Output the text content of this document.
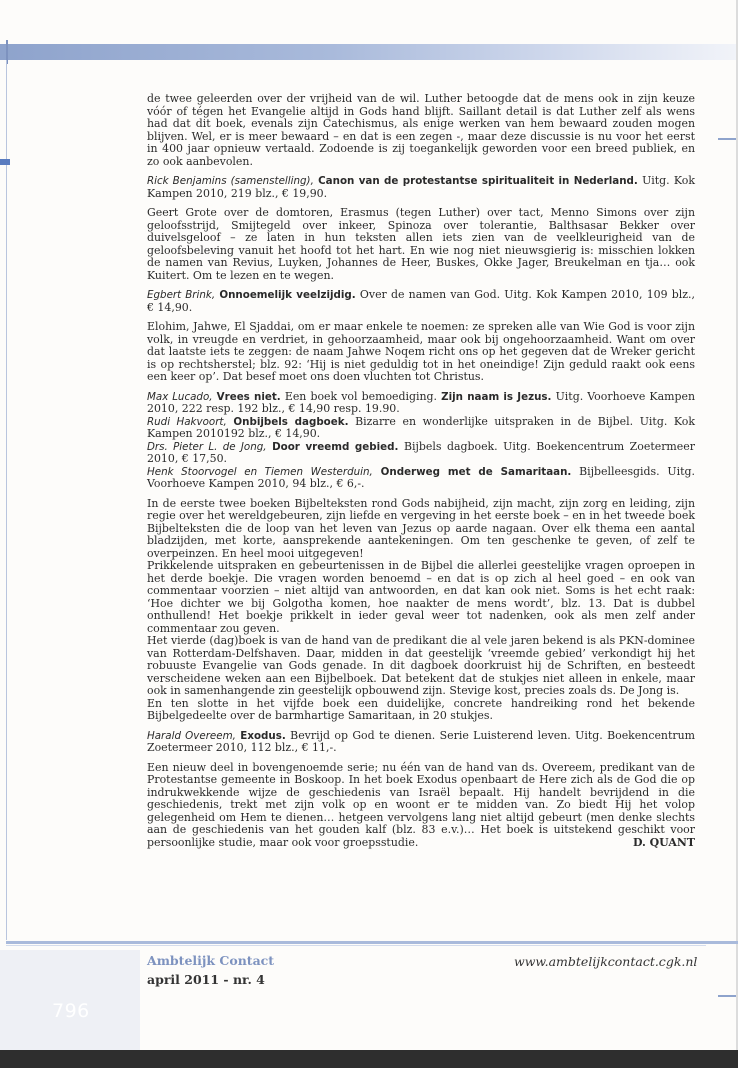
de twee geleerden over der vrijheid van de wil. Luther betoogde dat de mens ook in zijn keuze vóór of tégen het Evangelie altijd in Gods hand blijft. Saillant detail is dat Luther zelf als wens had dat dit boek, evenals zijn Catechismus, als enige werken van hem bewaard zouden mogen blijven. Wel, er is meer bewaard – en dat is een zegen -, maar deze discussie is nu voor het eerst in 400 jaar opnieuw vertaald. Zodoende is zij toegankelijk geworden voor een breed publiek, en zo ook aanbevolen.

Rick Benjamins (samenstelling), Canon van de protestantse spiritualiteit in Nederland. Uitg. Kok Kampen 2010, 219 blz., € 19,90.

Geert Grote over de domtoren, Erasmus (tegen Luther) over tact, Menno Simons over zijn geloofsstrijd, Smijtegeld over inkeer, Spinoza over tolerantie, Balthsasar Bekker over duivelsgeloof – ze laten in hun teksten allen iets zien van de veelkleurigheid van de geloofsbeleving vanuit het hoofd tot het hart. En wie nog niet nieuwsgierig is: misschien lokken de namen van Revius, Luyken, Johannes de Heer, Buskes, Okke Jager, Breukelman en tja… ook Kuitert. Om te lezen en te wegen.

Egbert Brink, Onnoemelijk veelzijdig. Over de namen van God. Uitg. Kok Kampen 2010, 109 blz., € 14,90.

Elohim, Jahwe, El Sjaddai, om er maar enkele te noemen: ze spreken alle van Wie God is voor zijn volk, in vreugde en verdriet, in gehoorzaamheid, maar ook bij ongehoorzaamheid. Want om over dat laatste iets te zeggen: de naam Jahwe Noqem richt ons op het gegeven dat de Wreker gericht is op rechtsherstel; blz. 92: ‘Hij is niet geduldig tot in het oneindige! Zijn geduld raakt ook eens een keer op’. Dat besef moet ons doen vluchten tot Christus.

Max Lucado, Vrees niet. Een boek vol bemoediging. Zijn naam is Jezus. Uitg. Voorhoeve Kampen 2010, 222 resp. 192 blz., € 14,90 resp. 19.90.

Rudi Hakvoort, Onbijbels dagboek. Bizarre en wonderlijke uitspraken in de Bijbel. Uitg. Kok Kampen 2010192 blz., € 14,90.

Drs. Pieter L. de Jong, Door vreemd gebied. Bijbels dagboek. Uitg. Boekencentrum Zoetermeer 2010, € 17,50.

Henk Stoorvogel en Tiemen Westerduin, Onderweg met de Samaritaan. Bijbelleesgids. Uitg. Voorhoeve Kampen 2010, 94 blz., € 6,-.

In de eerste twee boeken Bijbelteksten rond Gods nabijheid, zijn macht, zijn zorg en leiding, zijn regie over het wereldgebeuren, zijn liefde en vergeving in het eerste boek – en in het tweede boek Bijbelteksten die de loop van het leven van Jezus op aarde nagaan. Over elk thema een aantal bladzijden, met korte, aansprekende aantekeningen. Om ten geschenke te geven, of zelf te overpeinzen. En heel mooi uitgegeven!

Prikkelende uitspraken en gebeurtenissen in de Bijbel die allerlei geestelijke vragen oproepen in het derde boekje. Die vragen worden benoemd – en dat is op zich al heel goed – en ook van commentaar voorzien – niet altijd van antwoorden, en dat kan ook niet. Soms is het echt raak: ‘Hoe dichter we bij Golgotha komen, hoe naakter de mens wordt’, blz. 13. Dat is dubbel onthullend! Het boekje prikkelt in ieder geval weer tot nadenken, ook als men zelf ander commentaar zou geven.

Het vierde (dag)boek is van de hand van de predikant die al vele jaren bekend is als PKN-dominee van Rotterdam-Delfshaven. Daar, midden in dat geestelijk ‘vreemde gebied’ verkondigt hij het robuuste Evangelie van Gods genade. In dit dagboek doorkruist hij de Schriften, en besteedt verscheidene weken aan een Bijbelboek. Dat betekent dat de stukjes niet alleen in enkele, maar ook in samenhangende zin geestelijk opbouwend zijn. Stevige kost, precies zoals ds. De Jong is.

En ten slotte in het vijfde boek een duidelijke, concrete handreiking rond het bekende Bijbelgedeelte over de barmhartige Samaritaan, in 20 stukjes.

Harald Overeem, Exodus. Bevrijd op God te dienen. Serie Luisterend leven. Uitg. Boekencentrum Zoetermeer 2010, 112 blz., € 11,-.

Een nieuw deel in bovengenoemde serie; nu één van de hand van ds. Overeem, predikant van de Protestantse gemeente in Boskoop. In het boek Exodus openbaart de Here zich als de God die op indrukwekkende wijze de geschiedenis van Israël bepaalt. Hij handelt bevrijdend in die geschiedenis, trekt met zijn volk op en woont er te midden van. Zo biedt Hij het volop gelegenheid om Hem te dienen… hetgeen vervolgens lang niet altijd gebeurt (men denke slechts aan de geschiedenis van het gouden kalf (blz. 83 e.v.)… Het boek is uitstekend geschikt voor persoonlijke studie, maar ook voor groepsstudie.	D. QUANT

796
Ambtelijk Contact
april 2011 - nr. 4
www.ambtelijkcontact.cgk.nl
